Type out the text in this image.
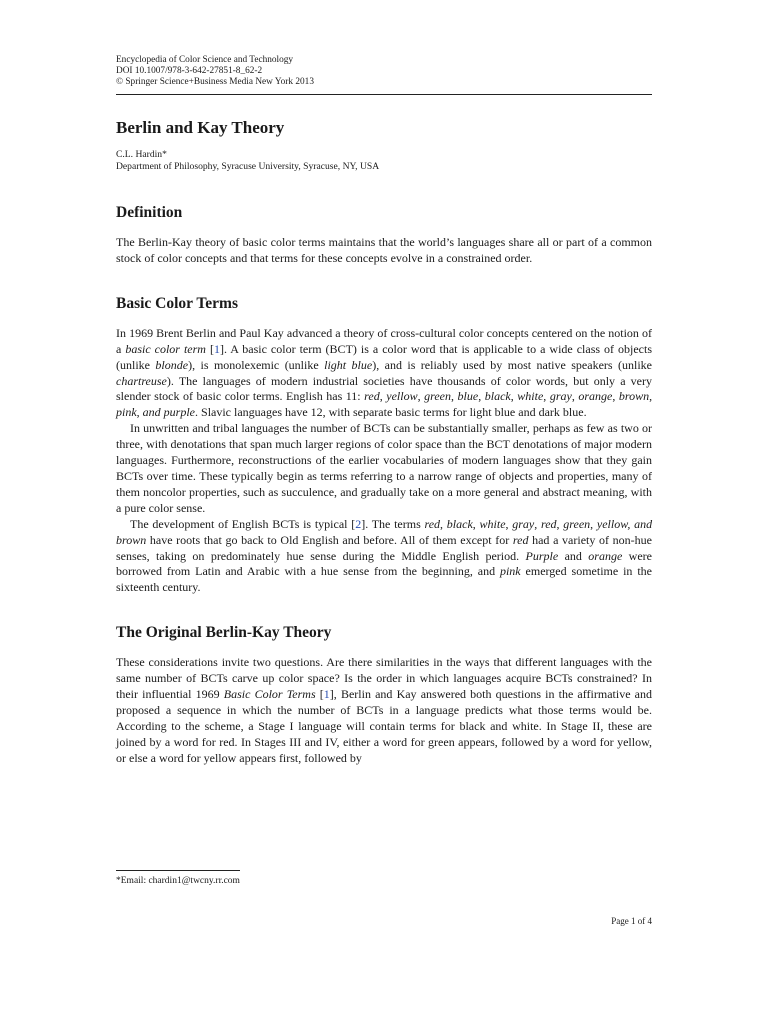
Encyclopedia of Color Science and Technology
DOI 10.1007/978-3-642-27851-8_62-2
© Springer Science+Business Media New York 2013
Berlin and Kay Theory
C.L. Hardin*
Department of Philosophy, Syracuse University, Syracuse, NY, USA
Definition

The Berlin-Kay theory of basic color terms maintains that the world’s languages share all or part of a common stock of color concepts and that terms for these concepts evolve in a constrained order.

Basic Color Terms

In 1969 Brent Berlin and Paul Kay advanced a theory of cross-cultural color concepts centered on the notion of a basic color term [1]. A basic color term (BCT) is a color word that is applicable to a wide class of objects (unlike blonde), is monolexemic (unlike light blue), and is reliably used by most native speakers (unlike chartreuse). The languages of modern industrial societies have thousands of color words, but only a very slender stock of basic color terms. English has 11: red, yellow, green, blue, black, white, gray, orange, brown, pink, and purple. Slavic languages have 12, with separate basic terms for light blue and dark blue.

In unwritten and tribal languages the number of BCTs can be substantially smaller, perhaps as few as two or three, with denotations that span much larger regions of color space than the BCT denotations of major modern languages. Furthermore, reconstructions of the earlier vocabularies of modern languages show that they gain BCTs over time. These typically begin as terms referring to a narrow range of objects and properties, many of them noncolor properties, such as succulence, and gradually take on a more general and abstract meaning, with a pure color sense.

The development of English BCTs is typical [2]. The terms red, black, white, gray, red, green, yellow, and brown have roots that go back to Old English and before. All of them except for red had a variety of non-hue senses, taking on predominately hue sense during the Middle English period. Purple and orange were borrowed from Latin and Arabic with a hue sense from the beginning, and pink emerged sometime in the sixteenth century.

The Original Berlin-Kay Theory

These considerations invite two questions. Are there similarities in the ways that different languages with the same number of BCTs carve up color space? Is the order in which languages acquire BCTs constrained? In their influential 1969 Basic Color Terms [1], Berlin and Kay answered both questions in the affirmative and proposed a sequence in which the number of BCTs in a language predicts what those terms would be. According to the scheme, a Stage I language will contain terms for black and white. In Stage II, these are joined by a word for red. In Stages III and IV, either a word for green appears, followed by a word for yellow, or else a word for yellow appears first, followed by

*Email: chardin1@twcny.rr.com
Page 1 of 4
